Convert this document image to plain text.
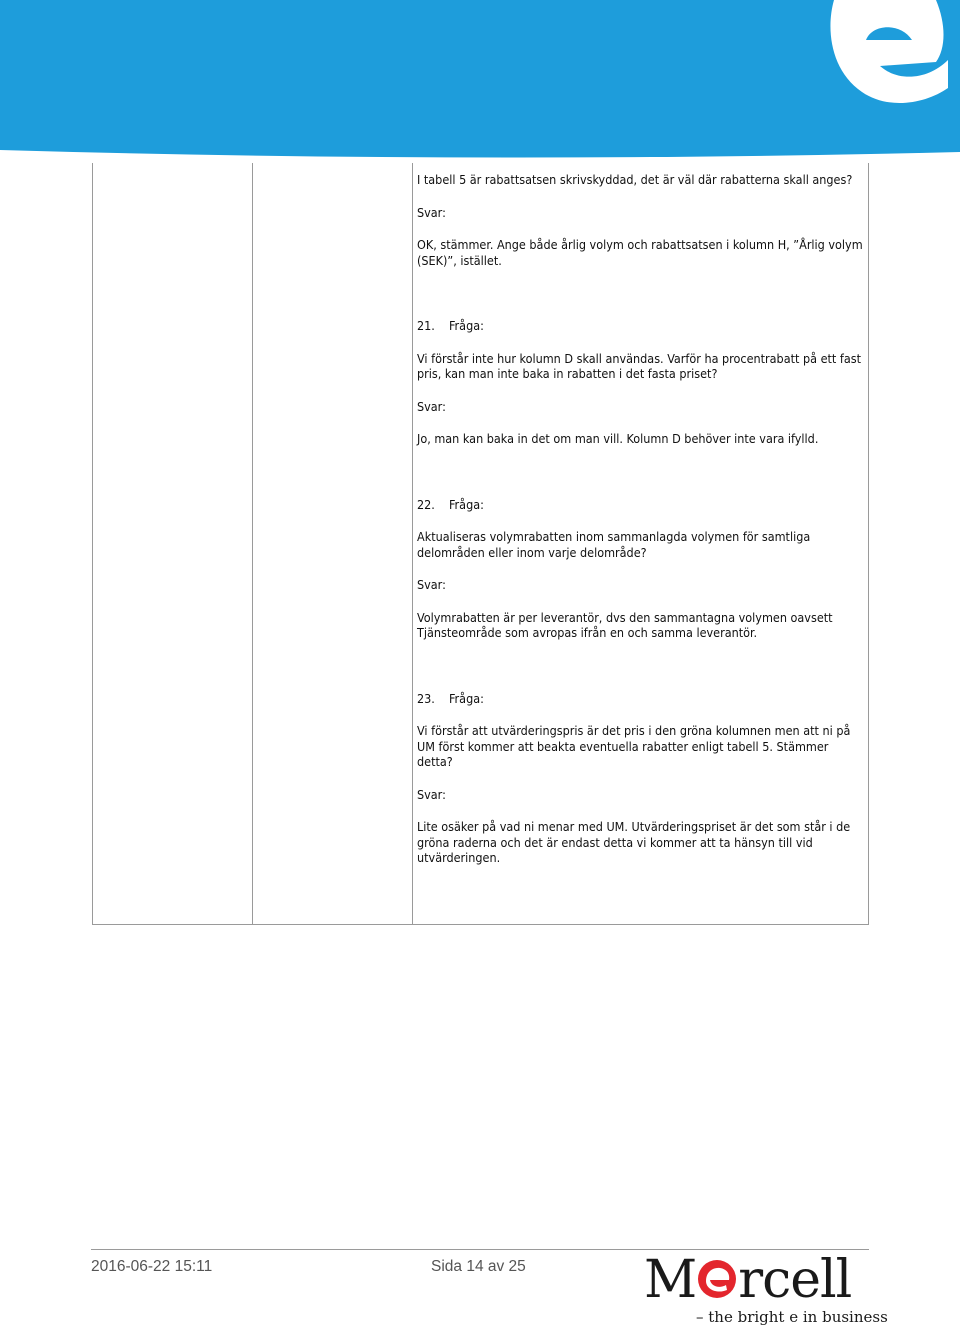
I tabell 5 är rabattsatsen skrivskyddad, det är väl där rabatterna skall anges?

Svar:

OK, stämmer. Ange både årlig volym och rabattsatsen i kolumn H, ”Årlig volym (SEK)”, istället.

21. Fråga:

Vi förstår inte hur kolumn D skall användas. Varför ha procentrabatt på ett fast pris, kan man inte baka in rabatten i det fasta priset?

Svar:

Jo, man kan baka in det om man vill. Kolumn D behöver inte vara ifylld.

22. Fråga:

Aktualiseras volymrabatten inom sammanlagda volymen för samtliga delområden eller inom varje delområde?

Svar:

Volymrabatten är per leverantör, dvs den sammantagna volymen oavsett Tjänsteområde som avropas ifrån en och samma leverantör.

23. Fråga:

Vi förstår att utvärderingspris är det pris i den gröna kolumnen men att ni på UM först kommer att beakta eventuella rabatter enligt tabell 5. Stämmer detta?

Svar:

Lite osäker på vad ni menar med UM. Utvärderingspriset är det som står i de gröna raderna och det är endast detta vi kommer att ta hänsyn till vid utvärderingen.

2016-06-22 15:11	Sida 14 av 25 M rcell
– the bright e in business
